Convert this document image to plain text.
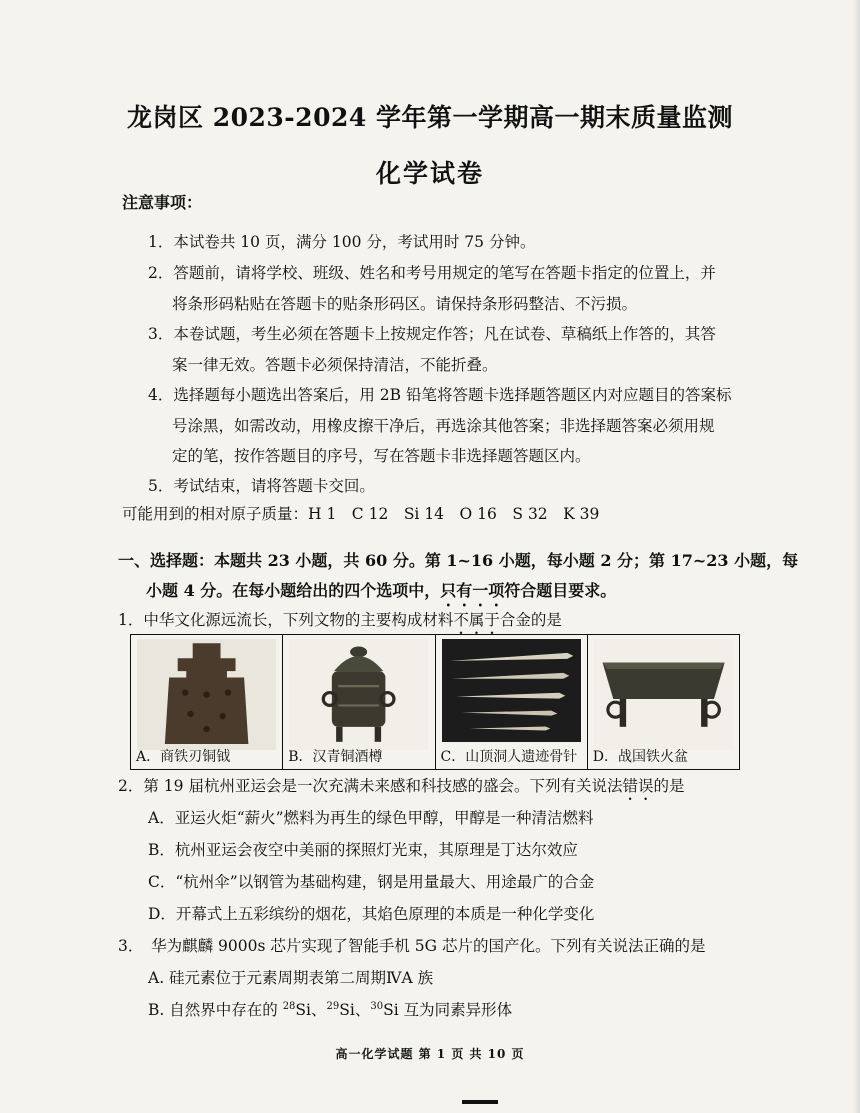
龙岗区 2023-2024 学年第一学期高一期末质量监测
化学试卷
注意事项：
1．本试卷共 10 页，满分 100 分，考试用时 75 分钟。
2．答题前，请将学校、班级、姓名和考号用规定的笔写在答题卡指定的位置上，并
将条形码粘贴在答题卡的贴条形码区。请保持条形码整洁、不污损。
3．本卷试题，考生必须在答题卡上按规定作答；凡在试卷、草稿纸上作答的，其答
案一律无效。答题卡必须保持清洁，不能折叠。
4．选择题每小题选出答案后，用 2B 铅笔将答题卡选择题答题区内对应题目的答案标
号涂黑，如需改动，用橡皮擦干净后，再选涂其他答案；非选择题答案必须用规
定的笔，按作答题目的序号，写在答题卡非选择题答题区内。
5．考试结束，请将答题卡交回。
可能用到的相对原子质量：H 1　C 12　Si 14　O 16　S 32　K 39
一、选择题：本题共 23 小题，共 60 分。第 1~16 小题，每小题 2 分；第 17~23 小题，每
小题 4 分。在每小题给出的四个选项中，只有一项符合题目要求。
1．中华文化源远流长，下列文物的主要构成材料不属于合金的是
A．商铁刃铜钺	B．汉青铜酒樽	C．山顶洞人遗迹骨针 D．战国铁火盆
2．第 19 届杭州亚运会是一次充满未来感和科技感的盛会。下列有关说法错误的是
A．亚运火炬“薪火”燃料为再生的绿色甲醇，甲醇是一种清洁燃料
B．杭州亚运会夜空中美丽的探照灯光束，其原理是丁达尔效应
C．“杭州伞”以钢管为基础构建，钢是用量最大、用途最广的合金
D．开幕式上五彩缤纷的烟花，其焰色原理的本质是一种化学变化
3．　华为麒麟 9000s 芯片实现了智能手机 5G 芯片的国产化。下列有关说法正确的是
A. 硅元素位于元素周期表第二周期ⅣA 族
B. 自然界中存在的 $^{28}$Si、$^{29}$Si、$^{30}$Si 互为同素异形体
高一化学试题 第 1 页 共 10 页
